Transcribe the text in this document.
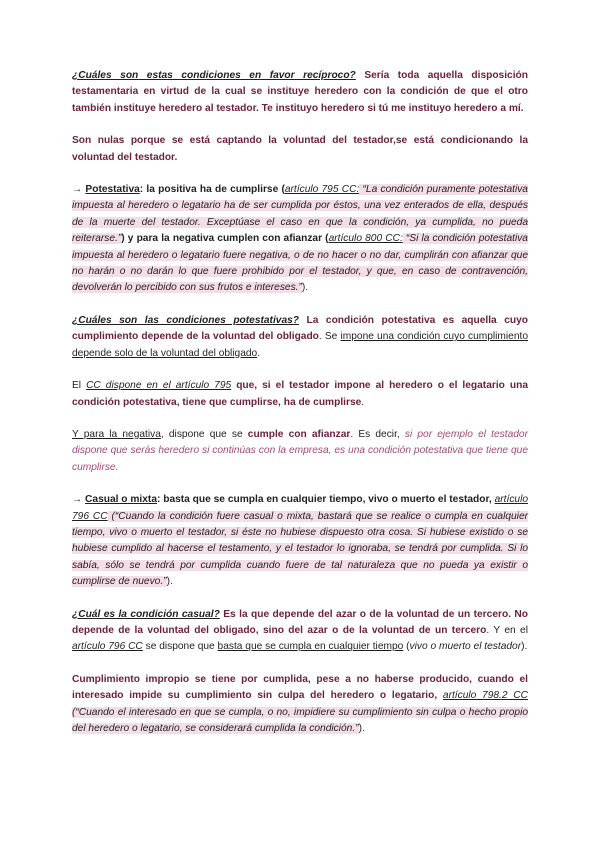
¿Cuáles son estas condiciones en favor recíproco? Sería toda aquella disposición testamentaria en virtud de la cual se instituye heredero con la condición de que el otro también instituye heredero al testador. Te instituyo heredero si tú me instituyo heredero a mí.

Son nulas porque se está captando la voluntad del testador,se está condicionando la voluntad del testador.

→ Potestativa: la positiva ha de cumplirse (artículo 795 CC: “La condición puramente potestativa impuesta al heredero o legatario ha de ser cumplida por éstos, una vez enterados de ella, después de la muerte del testador. Exceptúase el caso en que la condición, ya cumplida, no pueda reiterarse.”) y para la negativa cumplen con afianzar (artículo 800 CC: “Si la condición potestativa impuesta al heredero o legatario fuere negativa, o de no hacer o no dar, cumplirán con afianzar que no harán o no darán lo que fuere prohibido por el testador, y que, en caso de contravención, devolverán lo percibido con sus frutos e intereses.”).

¿Cuáles son las condiciones potestativas? La condición potestativa es aquella cuyo cumplimiento depende de la voluntad del obligado. Se impone una condición cuyo cumplimiento depende solo de la voluntad del obligado.

El CC dispone en el artículo 795 que, si el testador impone al heredero o el legatario una condición potestativa, tiene que cumplirse, ha de cumplirse.

Y para la negativa, dispone que se cumple con afianzar. Es decir, si por ejemplo el testador dispone que serás heredero si continúas con la empresa, es una condición potestativa que tiene que cumplirse.

→ Casual o mixta: basta que se cumpla en cualquier tiempo, vivo o muerto el testador, artículo 796 CC (“Cuando la condición fuere casual o mixta, bastará que se realice o cumpla en cualquier tiempo, vivo o muerto el testador, si éste no hubiese dispuesto otra cosa. Si hubiese existido o se hubiese cumplido al hacerse el testamento, y el testador lo ignoraba, se tendrá por cumplida. Si lo sabía, sólo se tendrá por cumplida cuando fuere de tal naturaleza que no pueda ya existir o cumplirse de nuevo.”).

¿Cuál es la condición casual? Es la que depende del azar o de la voluntad de un tercero. No depende de la voluntad del obligado, sino del azar o de la voluntad de un tercero. Y en el artículo 796 CC se dispone que basta que se cumpla en cualquier tiempo (vivo o muerto el testador).

Cumplimiento impropio se tiene por cumplida, pese a no haberse producido, cuando el interesado impide su cumplimiento sin culpa del heredero o legatario, artículo 798.2 CC (“Cuando el interesado en que se cumpla, o no, impidiere su cumplimiento sin culpa o hecho propio del heredero o legatario, se considerará cumplida la condición.”).
